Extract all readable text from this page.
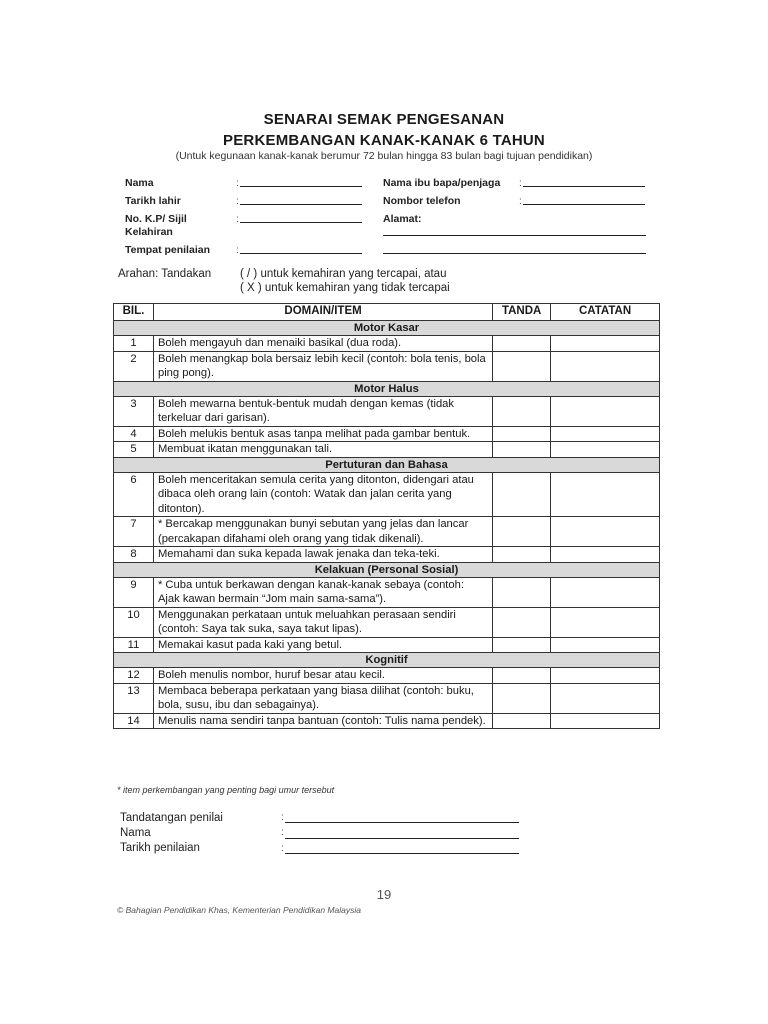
SENARAI SEMAK PENGESANAN
PERKEMBANGAN KANAK-KANAK 6 TAHUN
(Untuk kegunaan kanak-kanak berumur 72 bulan hingga 83 bulan bagi tujuan pendidikan)
Nama	:
Tarikh lahir	:
No. K.P/ Sijil
Kelahiran
:
Tempat penilaian	:
Nama ibu bapa/penjaga :
Nombor telefon	:
Alamat:
Arahan: Tandakan	( / ) untuk kemahiran yang tercapai, atau
( X ) untuk kemahiran yang tidak tercapai
BIL.	DOMAIN/ITEM	TANDA	CATATAN
Motor Kasar			
1	Boleh mengayuh dan menaiki basikal (dua roda).		
2	Boleh menangkap bola bersaiz lebih kecil (contoh: bola tenis, bola ping pong).		
Motor Halus			
3	Boleh mewarna bentuk-bentuk mudah dengan kemas (tidak terkeluar dari garisan).		
4	Boleh melukis bentuk asas tanpa melihat pada gambar bentuk.		
5	Membuat ikatan menggunakan tali.		
Pertuturan dan Bahasa			
6	Boleh menceritakan semula cerita yang ditonton, didengari atau dibaca oleh orang lain (contoh: Watak dan jalan cerita yang ditonton).		
7	* Bercakap menggunakan bunyi sebutan yang jelas dan lancar (percakapan difahami oleh orang yang tidak dikenali).		
8	Memahami dan suka kepada lawak jenaka dan teka-teki.		
Kelakuan (Personal Sosial)			
9	* Cuba untuk berkawan dengan kanak-kanak sebaya (contoh: Ajak kawan bermain “Jom main sama-sama”).		
10	Menggunakan perkataan untuk meluahkan perasaan sendiri (contoh: Saya tak suka, saya takut lipas).		
11	Memakai kasut pada kaki yang betul.		
Kognitif			
12	Boleh menulis nombor, huruf besar atau kecil.		
13	Membaca beberapa perkataan yang biasa dilihat (contoh: buku, bola, susu, ibu dan sebagainya).		
14	Menulis nama sendiri tanpa bantuan (contoh: Tulis nama pendek).		
* item perkembangan yang penting bagi umur tersebut
Tandatangan penilai	:
Nama	:
Tarikh penilaian	:
19
© Bahagian Pendidikan Khas, Kementerian Pendidikan Malaysia
